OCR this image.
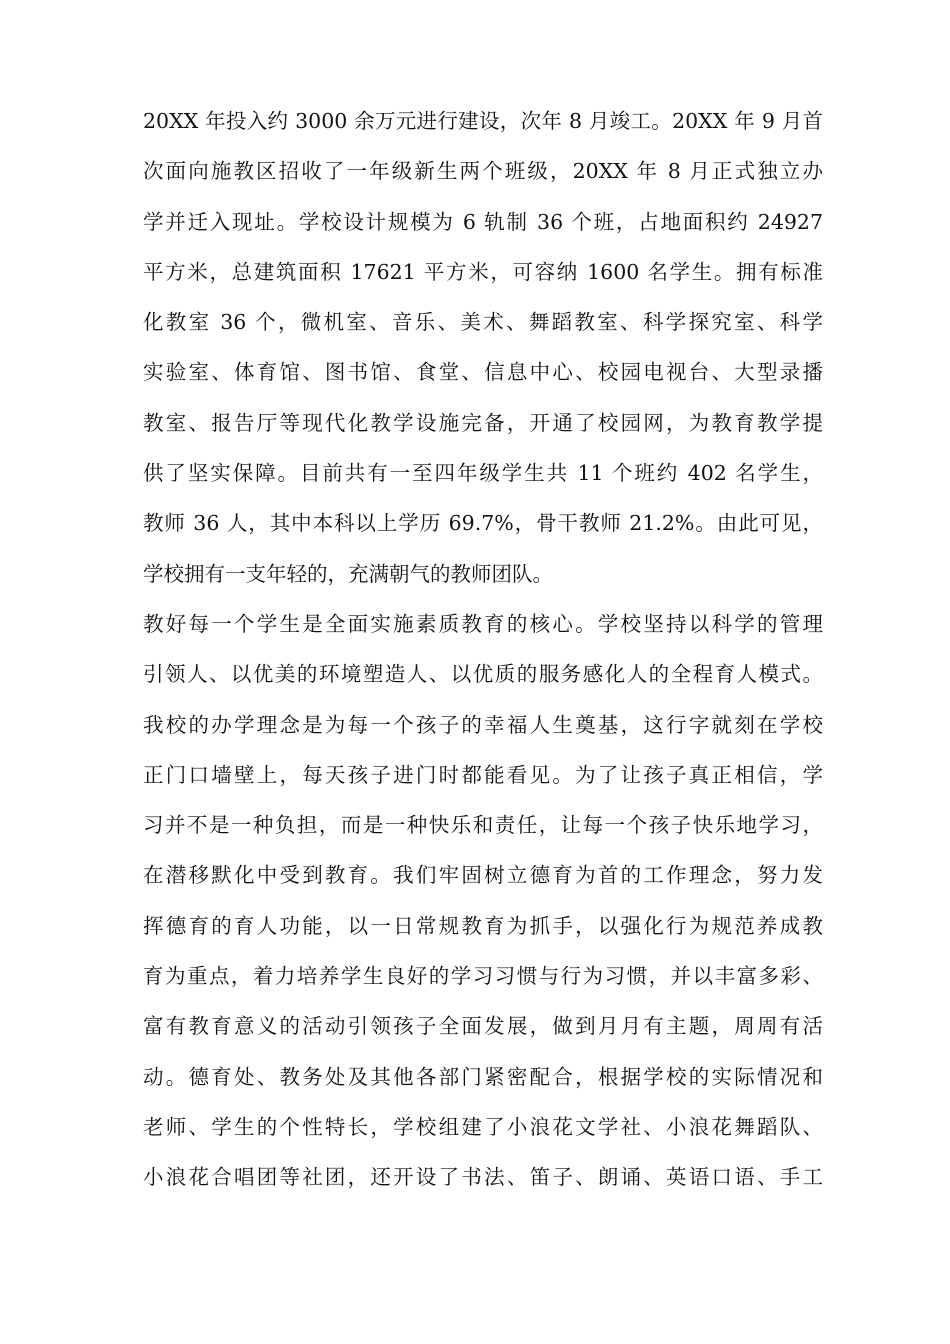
20XX 年投入约 3000 余万元进行建设，次年 8 月竣工。20XX 年 9 月首
次面向施教区招收了一年级新生两个班级，20XX 年 8 月正式独立办
学并迁入现址。学校设计规模为 6 轨制 36 个班，占地面积约 24927
平方米，总建筑面积 17621 平方米，可容纳 1600 名学生。拥有标准
化教室 36 个，微机室、音乐、美术、舞蹈教室、科学探究室、科学
实验室、体育馆、图书馆、食堂、信息中心、校园电视台、大型录播
教室、报告厅等现代化教学设施完备，开通了校园网，为教育教学提
供了坚实保障。目前共有一至四年级学生共 11 个班约 402 名学生，
教师 36 人，其中本科以上学历 69.7%，骨干教师 21.2%。由此可见，
学校拥有一支年轻的，充满朝气的教师团队。
教好每一个学生是全面实施素质教育的核心。学校坚持以科学的管理
引领人、以优美的环境塑造人、以优质的服务感化人的全程育人模式。
我校的办学理念是为每一个孩子的幸福人生奠基，这行字就刻在学校
正门口墙壁上，每天孩子进门时都能看见。为了让孩子真正相信，学
习并不是一种负担，而是一种快乐和责任，让每一个孩子快乐地学习，
在潜移默化中受到教育。我们牢固树立德育为首的工作理念，努力发
挥德育的育人功能，以一日常规教育为抓手，以强化行为规范养成教
育为重点，着力培养学生良好的学习习惯与行为习惯，并以丰富多彩、
富有教育意义的活动引领孩子全面发展，做到月月有主题，周周有活
动。德育处、教务处及其他各部门紧密配合，根据学校的实际情况和
老师、学生的个性特长，学校组建了小浪花文学社、小浪花舞蹈队、
小浪花合唱团等社团，还开设了书法、笛子、朗诵、英语口语、手工
